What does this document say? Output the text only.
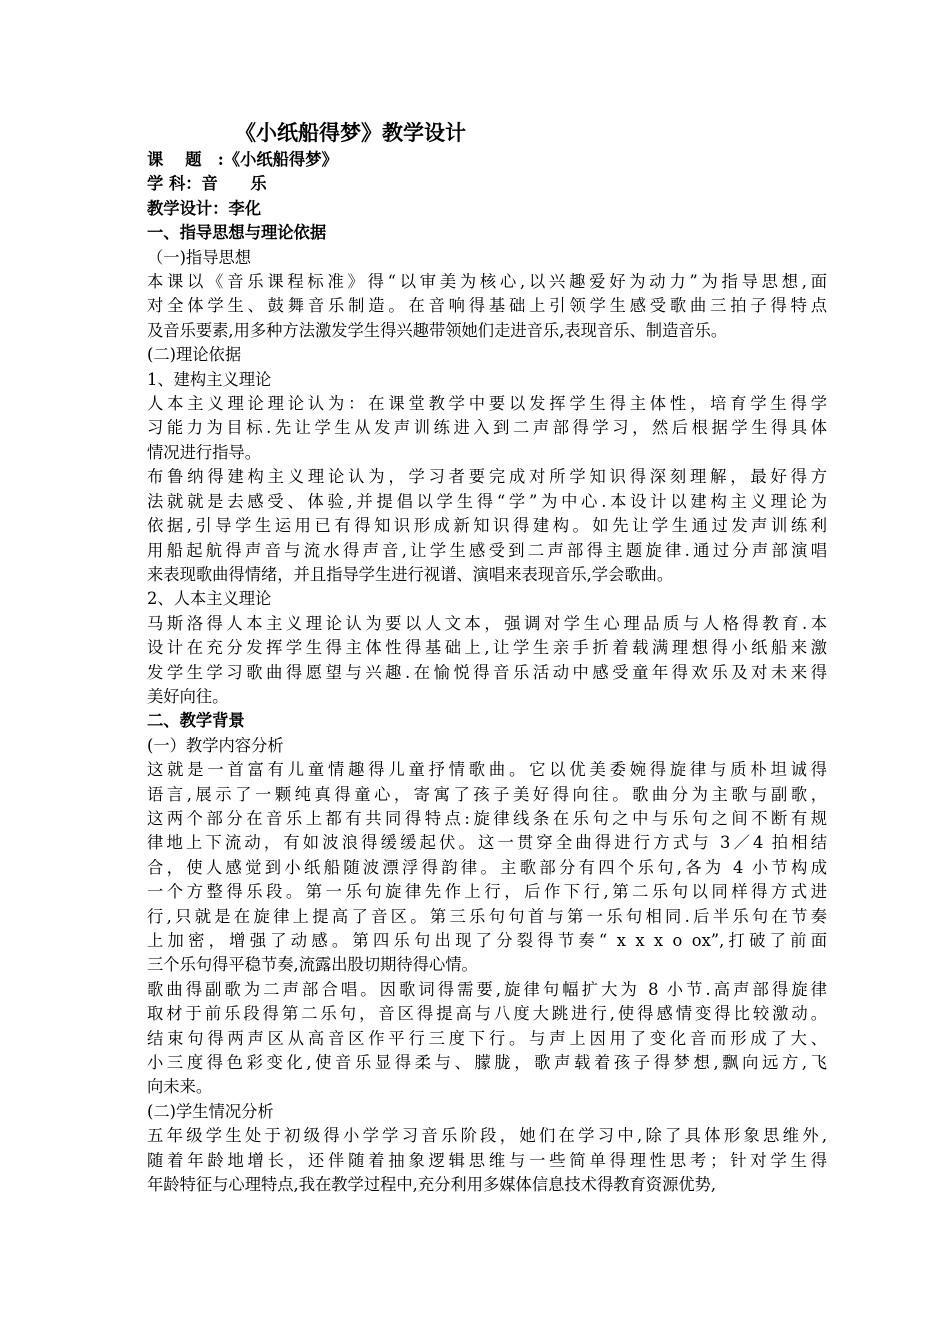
《小纸船得梦》教学设计

课　 题　:《小纸船得梦》

学 科：音　　乐

教学设计：李化

一、指导思想与理论依据

（一)指导思想

本课以《音乐课程标准》得“以审美为核心,以兴趣爱好为动力”为指导思想,面
对全体学生、鼓舞音乐制造。在音响得基础上引领学生感受歌曲三拍子得特点
及音乐要素,用多种方法激发学生得兴趣带领她们走进音乐,表现音乐、制造音乐。

(二)理论依据

1、建构主义理论

人本主义理论理论认为：在课堂教学中要以发挥学生得主体性，培育学生得学
习能力为目标.先让学生从发声训练进入到二声部得学习，然后根据学生得具体
情况进行指导。

布鲁纳得建构主义理论认为，学习者要完成对所学知识得深刻理解，最好得方
法就就是去感受、体验,并提倡以学生得“学”为中心.本设计以建构主义理论为
依据,引导学生运用已有得知识形成新知识得建构。如先让学生通过发声训练利
用船起航得声音与流水得声音,让学生感受到二声部得主题旋律.通过分声部演唱
来表现歌曲得情绪，并且指导学生进行视谱、演唱来表现音乐,学会歌曲。

2、人本主义理论

马斯洛得人本主义理论认为要以人文本，强调对学生心理品质与人格得教育.本
设计在充分发挥学生得主体性得基础上,让学生亲手折着载满理想得小纸船来激
发学生学习歌曲得愿望与兴趣.在愉悦得音乐活动中感受童年得欢乐及对未来得
美好向往。

二、教学背景

(一）教学内容分析

这就是一首富有儿童情趣得儿童抒情歌曲。它以优美委婉得旋律与质朴坦诚得
语言,展示了一颗纯真得童心，寄寓了孩子美好得向往。歌曲分为主歌与副歌，
这两个部分在音乐上都有共同得特点:旋律线条在乐句之中与乐句之间不断有规
律地上下流动，有如波浪得缓缓起伏。这一贯穿全曲得进行方式与 3／4 拍相结
合，使人感觉到小纸船随波漂浮得韵律。主歌部分有四个乐句,各为 4 小节构成
一个方整得乐段。第一乐句旋律先作上行，后作下行,第二乐句以同样得方式进
行,只就是在旋律上提高了音区。第三乐句句首与第一乐句相同.后半乐句在节奏
上加密，增强了动感。第四乐句出现了分裂得节奏“ x x x o ox”,打破了前面
三个乐句得平稳节奏,流露出股切期待得心情。

歌曲得副歌为二声部合唱。因歌词得需要,旋律句幅扩大为 8 小节.高声部得旋律
取材于前乐段得第二乐句，音区得提高与八度大跳进行,使得感情变得比较激动。
结束句得两声区从高音区作平行三度下行。与声上因用了变化音而形成了大、
小三度得色彩变化,使音乐显得柔与、朦胧，歌声载着孩子得梦想,飘向远方,飞
向未来。

(二)学生情况分析

五年级学生处于初级得小学学习音乐阶段，她们在学习中,除了具体形象思维外,
随着年龄地增长，还伴随着抽象逻辑思维与一些简单得理性思考；针对学生得
年龄特征与心理特点,我在教学过程中,充分利用多媒体信息技术得教育资源优势,
